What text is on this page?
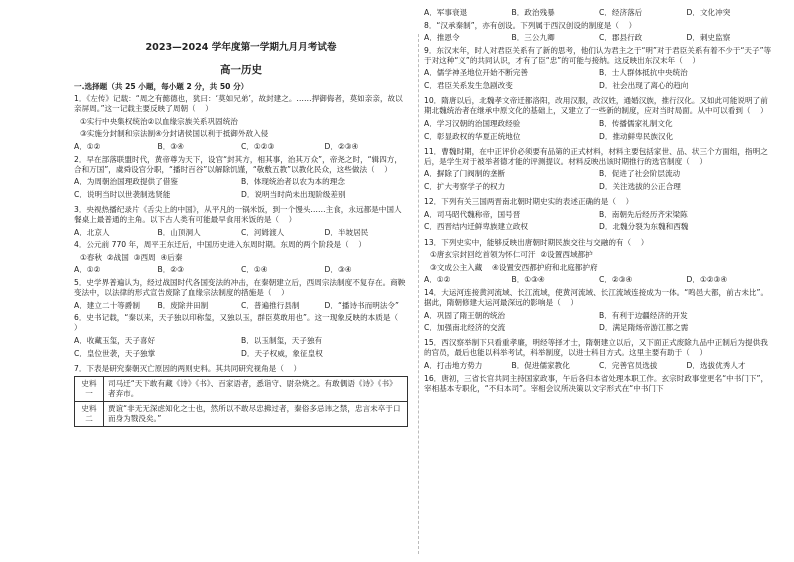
2023—2024 学年度第一学期九月月考试卷
高一历史
一.选择题（共 25 小题，每小题 2 分，共 50 分）
1．《左传》记载：“周之有懿德也，犹曰：‘莫如兄弟’，故封建之。……捍御侮者，莫如亲亲，故以亲屏周。”这一记载主要反映了周朝（    ）
①实行中央集权统治②以血缘宗族关系巩固统治
③实施分封制和宗法制④分封诸侯国以利于抵御外敌入侵
A．①②	B．③④	C．①②③	D．②③④
2．早在部落联盟时代，黄帝尊为天下，设官“封其方，相其事，治其万众”，帝尧之时，“辑四方，合和万国”，虞舜设官分职，“播时百谷”以解除饥馑，“敬敷五教”以教化民众，这些做法（    ）
A．为周朝治国理政提供了借鉴	B．体现统治者以农为本的理念
C．说明当时以世袭制选贤能	D．说明当时尚未出现阶级差别
3．央视热播纪录片《舌尖上的中国》，从平凡的一锅米饭，到一个馒头……主食，永远都是中国人餐桌上最普通的主角。以下古人类有可能最早食用米饭的是（    ）
A．北京人	B．山顶洞人	C．河姆渡人	D．半坡居民
4．公元前 770 年，周平王东迁后，中国历史进入东周时期。东周的两个阶段是（    ）
①春秋  ②战国  ③西周  ④后秦
A．①②	B．②③	C．①④	D．③④
5．史学界普遍认为，经过战国时代各国变法的冲击，在秦朝建立后，西周宗法制度不复存在。商鞅变法中，以法律的形式宣告废除了血缘宗法制度的措施是（    ）
A．建立二十等爵制	B．废除井田制	C．普遍推行县制	D．“播诗书而明法令”
6．史书记载，“秦以来，天子独以印称玺，又独以玉，群臣莫敢用也”。这一现象反映的本质是（    ）
A．收藏玉玺，天子喜好	B．以玉制玺，天子独有
C．皇位世袭，天子独掌	D．天子权威，象征皇权
7．下表是研究秦朝灭亡原因的两则史料。其共同研究视角是（    ）
史料一	司马迁“天下敢有藏《诗》《书》、百家语者，悉诣守、尉杂烧之。有敢偶语《诗》《书》者弃市。
史料二	贾谊“非无无深虑知化之士也，然所以不敢尽忠拂过者，秦俗多忌讳之禁，忠言未卒于口而身为戮没矣。”
A．军事衰退	B．政治残暴	C．经济落后	D．文化冲突
8．“汉承秦制”，亦有创设。下列属于西汉创设的制度是（    ）
A．推恩令	B．三公九卿	C．郡县行政	D．刺史监察
9．东汉末年，时人对君臣关系有了新的思考，他们认为君主之于“明”对于君臣关系有着不少于“天子”等于对这种“义”的共同认识，才有了臣“忠”的可能与接纳。这反映出东汉末年（    ）
A．儒学神圣地位开始不断完善	B．士人群体抵抗中央统治
C．君臣关系发生急剧改变	D．社会出现了离心的趋向
10．隋唐以后，北魏孝文帝迁都洛阳，改用汉服，改汉姓，通婚汉族，推行汉化。又如此可能说明了前期北魏统治者在继承中原文化的基础上，又建立了一些新的制度，应对当时局面。从中可以看到（    ）
A．学习汉朝的治国理政经验	B．传播儒家礼制文化
C．彰显政权的华夏正统地位	D．推动鲜卑民族汉化
11．曹魏时期，在中正评价必须要有品第的正式材料，材料主要包括家世、品、状三个方面组，指明之后，是学生对于被举者德才能的评测提议。材料反映出该时期推行的选官制度（    ）
A．摒除了门阀制的垄断	B．促进了社会阶层流动
C．扩大考察学子的权力	D．关注选拔的公正合理
12．下列有关三国两晋南北朝时期史实的表述正确的是（    ）
A．司马昭代魏称帝，国号晋	B．南朝先后经历齐宋梁陈
C．西晋结内迁鲜卑族建立政权	D．北魏分裂为东魏和西魏
13．下列史实中，能够反映出唐朝时期民族交往与交融的有（    ）
①唐玄宗封回纥首领为怀仁可汗  ②设置西域都护
③文成公主入藏    ④设置安西都护府和北庭都护府
A．①②	B．①③④	C．②③④	D．①②③④
14．大运河连接黄河流域、长江流域，使黄河流域、长江流域连接成为一体。“鸣邑大都，前古未比”。据此，隋朝修建大运河最深远的影响是（    ）
A．巩固了隋王朝的统治	B．有利于边疆经济的开发
C．加强南北经济的交流	D．满足隋炀帝游江都之需
15．西汉察举制下只看重孝廉，明经等择才士，隋朝建立以后，又下面正式废除九品中正制后为提供我的官员，最后也能以科举考试，科举制度，以进士科目方式。这里主要有助于（    ）
A．打击地方势力	B．促进儒家教化	C．完善官员选拔	D．选拔优秀人才
16．唐初，三省长官共同主持国家政事，午后各归本省处理本职工作。玄宗时政事堂更名“中书门下”，宰相基本专职化，“不归本司”。宰相会议所决策以文字形式在“中书门下
